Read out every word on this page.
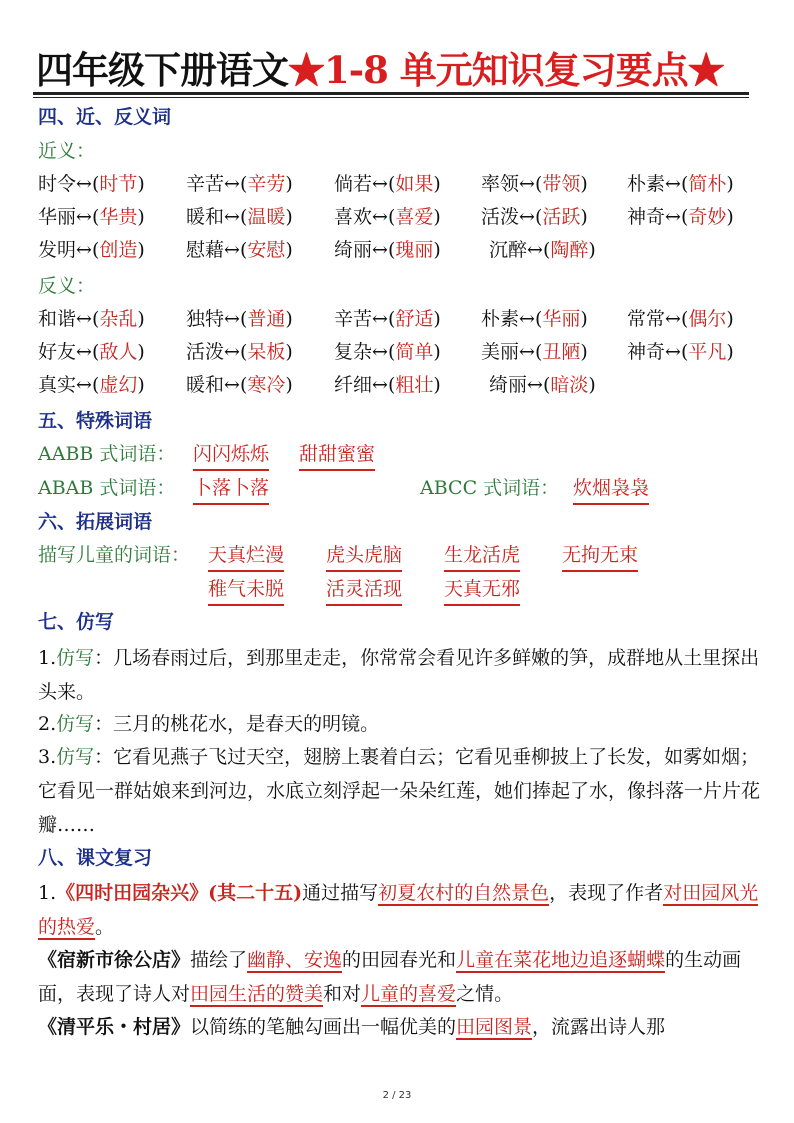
四年级下册语文★1-8 单元知识复习要点★
四、近、反义词
近义：
时令↔(时节) 辛苦↔(辛劳) 倘若↔(如果) 率领↔(带领) 朴素↔(简朴)
华丽↔(华贵) 暖和↔(温暖) 喜欢↔(喜爱) 活泼↔(活跃) 神奇↔(奇妙)
发明↔(创造) 慰藉↔(安慰) 绮丽↔(瑰丽)	沉醉↔(陶醉)
反义：
和谐↔(杂乱) 独特↔(普通) 辛苦↔(舒适) 朴素↔(华丽) 常常↔(偶尔)
好友↔(敌人) 活泼↔(呆板) 复杂↔(简单) 美丽↔(丑陋) 神奇↔(平凡)
真实↔(虚幻) 暖和↔(寒冷) 纤细↔(粗壮)	绮丽↔(暗淡)
五、特殊词语
AABB 式词语： 闪闪烁烁 甜甜蜜蜜
ABAB 式词语： 卜落卜落	ABCC 式词语： 炊烟袅袅
六、拓展词语
描写儿童的词语： 天真烂漫 虎头虎脑 生龙活虎 无拘无束
稚气未脱 活灵活现 天真无邪
七、仿写
1.仿写：几场春雨过后，到那里走走，你常常会看见许多鲜嫩的笋，成群地从土里探出头来。
2.仿写：三月的桃花水，是春天的明镜。
3.仿写：它看见燕子飞过天空，翅膀上裹着白云；它看见垂柳披上了长发，如雾如烟；它看见一群姑娘来到河边，水底立刻浮起一朵朵红莲，她们捧起了水，像抖落一片片花瓣……
八、课文复习
1.《四时田园杂兴》(其二十五)通过描写初夏农村的自然景色，表现了作者对田园风光的热爱。
《宿新市徐公店》描绘了幽静、安逸的田园春光和儿童在菜花地边追逐蝴蝶的生动画面，表现了诗人对田园生活的赞美和对儿童的喜爱之情。
《清平乐・村居》以简练的笔触勾画出一幅优美的田园图景，流露出诗人那
2 / 23
